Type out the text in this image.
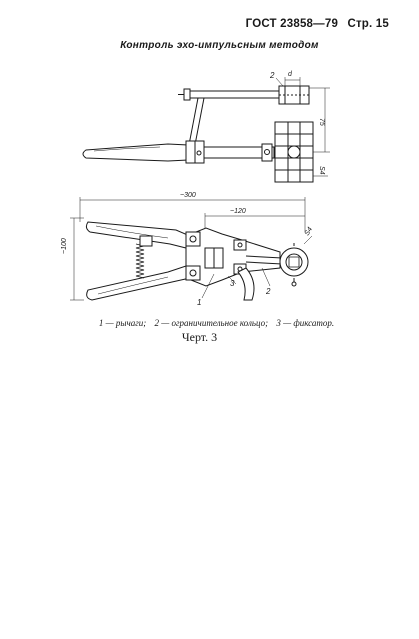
ГОСТ 23858—79 Стр. 15
Контроль эхо-импульсным методом
2 d
75
S4
~300
~120
~100
S4
1
2
3
1 — рычаги; 2 — ограничительное кольцо; 3 — фиксатор.
Черт. 3
